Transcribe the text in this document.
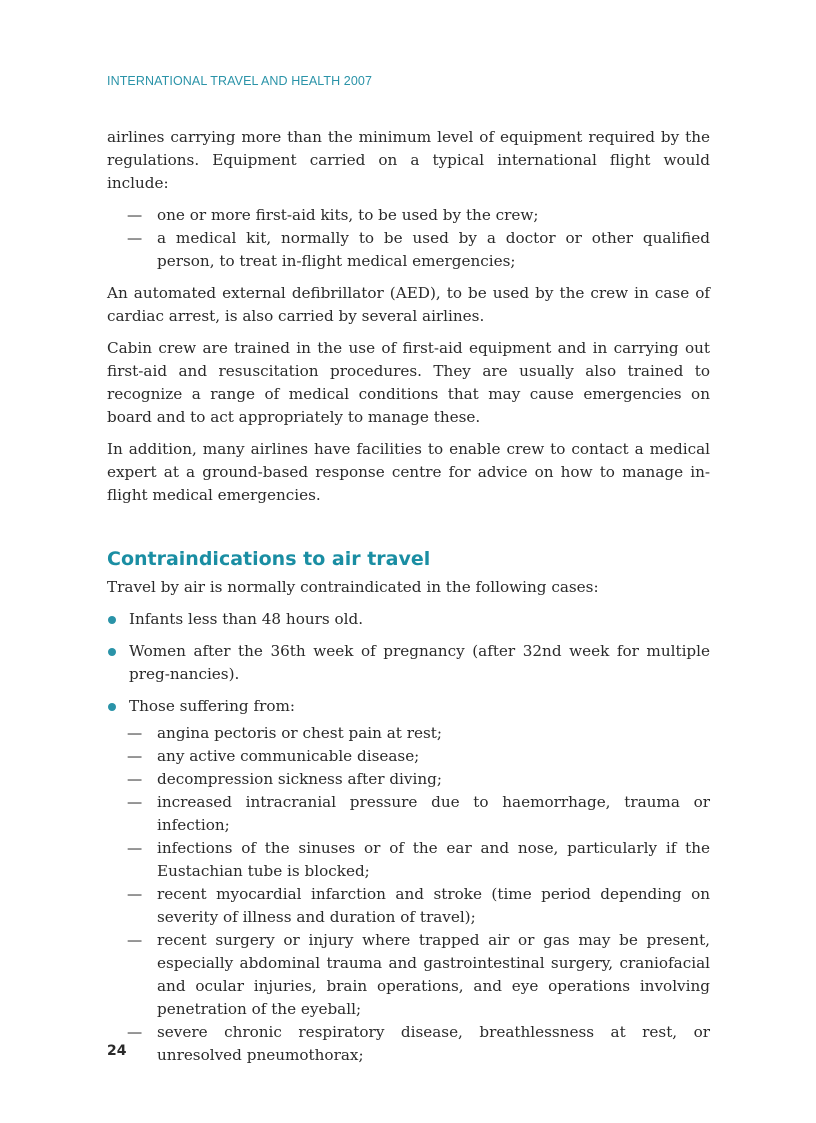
INTERNATIONAL TRAVEL AND HEALTH 2007

airlines carrying more than the minimum level of equipment required by the regulations. Equipment carried on a typical international flight would include:

— one or more first-aid kits, to be used by the crew;
— a medical kit, normally to be used by a doctor or other qualified person, to treat in-flight medical emergencies;

An automated external defibrillator (AED), to be used by the crew in case of cardiac arrest, is also carried by several airlines.

Cabin crew are trained in the use of first-aid equipment and in carrying out first-aid and resuscitation procedures. They are usually also trained to recognize a range of medical conditions that may cause emergencies on board and to act appropriately to manage these.

In addition, many airlines have facilities to enable crew to contact a medical expert at a ground-based response centre for advice on how to manage in-flight medical emergencies.

Contraindications to air travel

Travel by air is normally contraindicated in the following cases:

Infants less than 48 hours old.
Women after the 36th week of pregnancy (after 32nd week for multiple preg-nancies).
Those suffering from:
— angina pectoris or chest pain at rest;
— any active communicable disease;
— decompression sickness after diving;
— increased intracranial pressure due to haemorrhage, trauma or infection;
— infections of the sinuses or of the ear and nose, particularly if the Eustachian tube is blocked;
— recent myocardial infarction and stroke (time period depending on severity of illness and duration of travel);
— recent surgery or injury where trapped air or gas may be present, especially abdominal trauma and gastrointestinal surgery, craniofacial and ocular injuries, brain operations, and eye operations involving penetration of the eyeball;
— severe chronic respiratory disease, breathlessness at rest, or unresolved pneumothorax;
24
